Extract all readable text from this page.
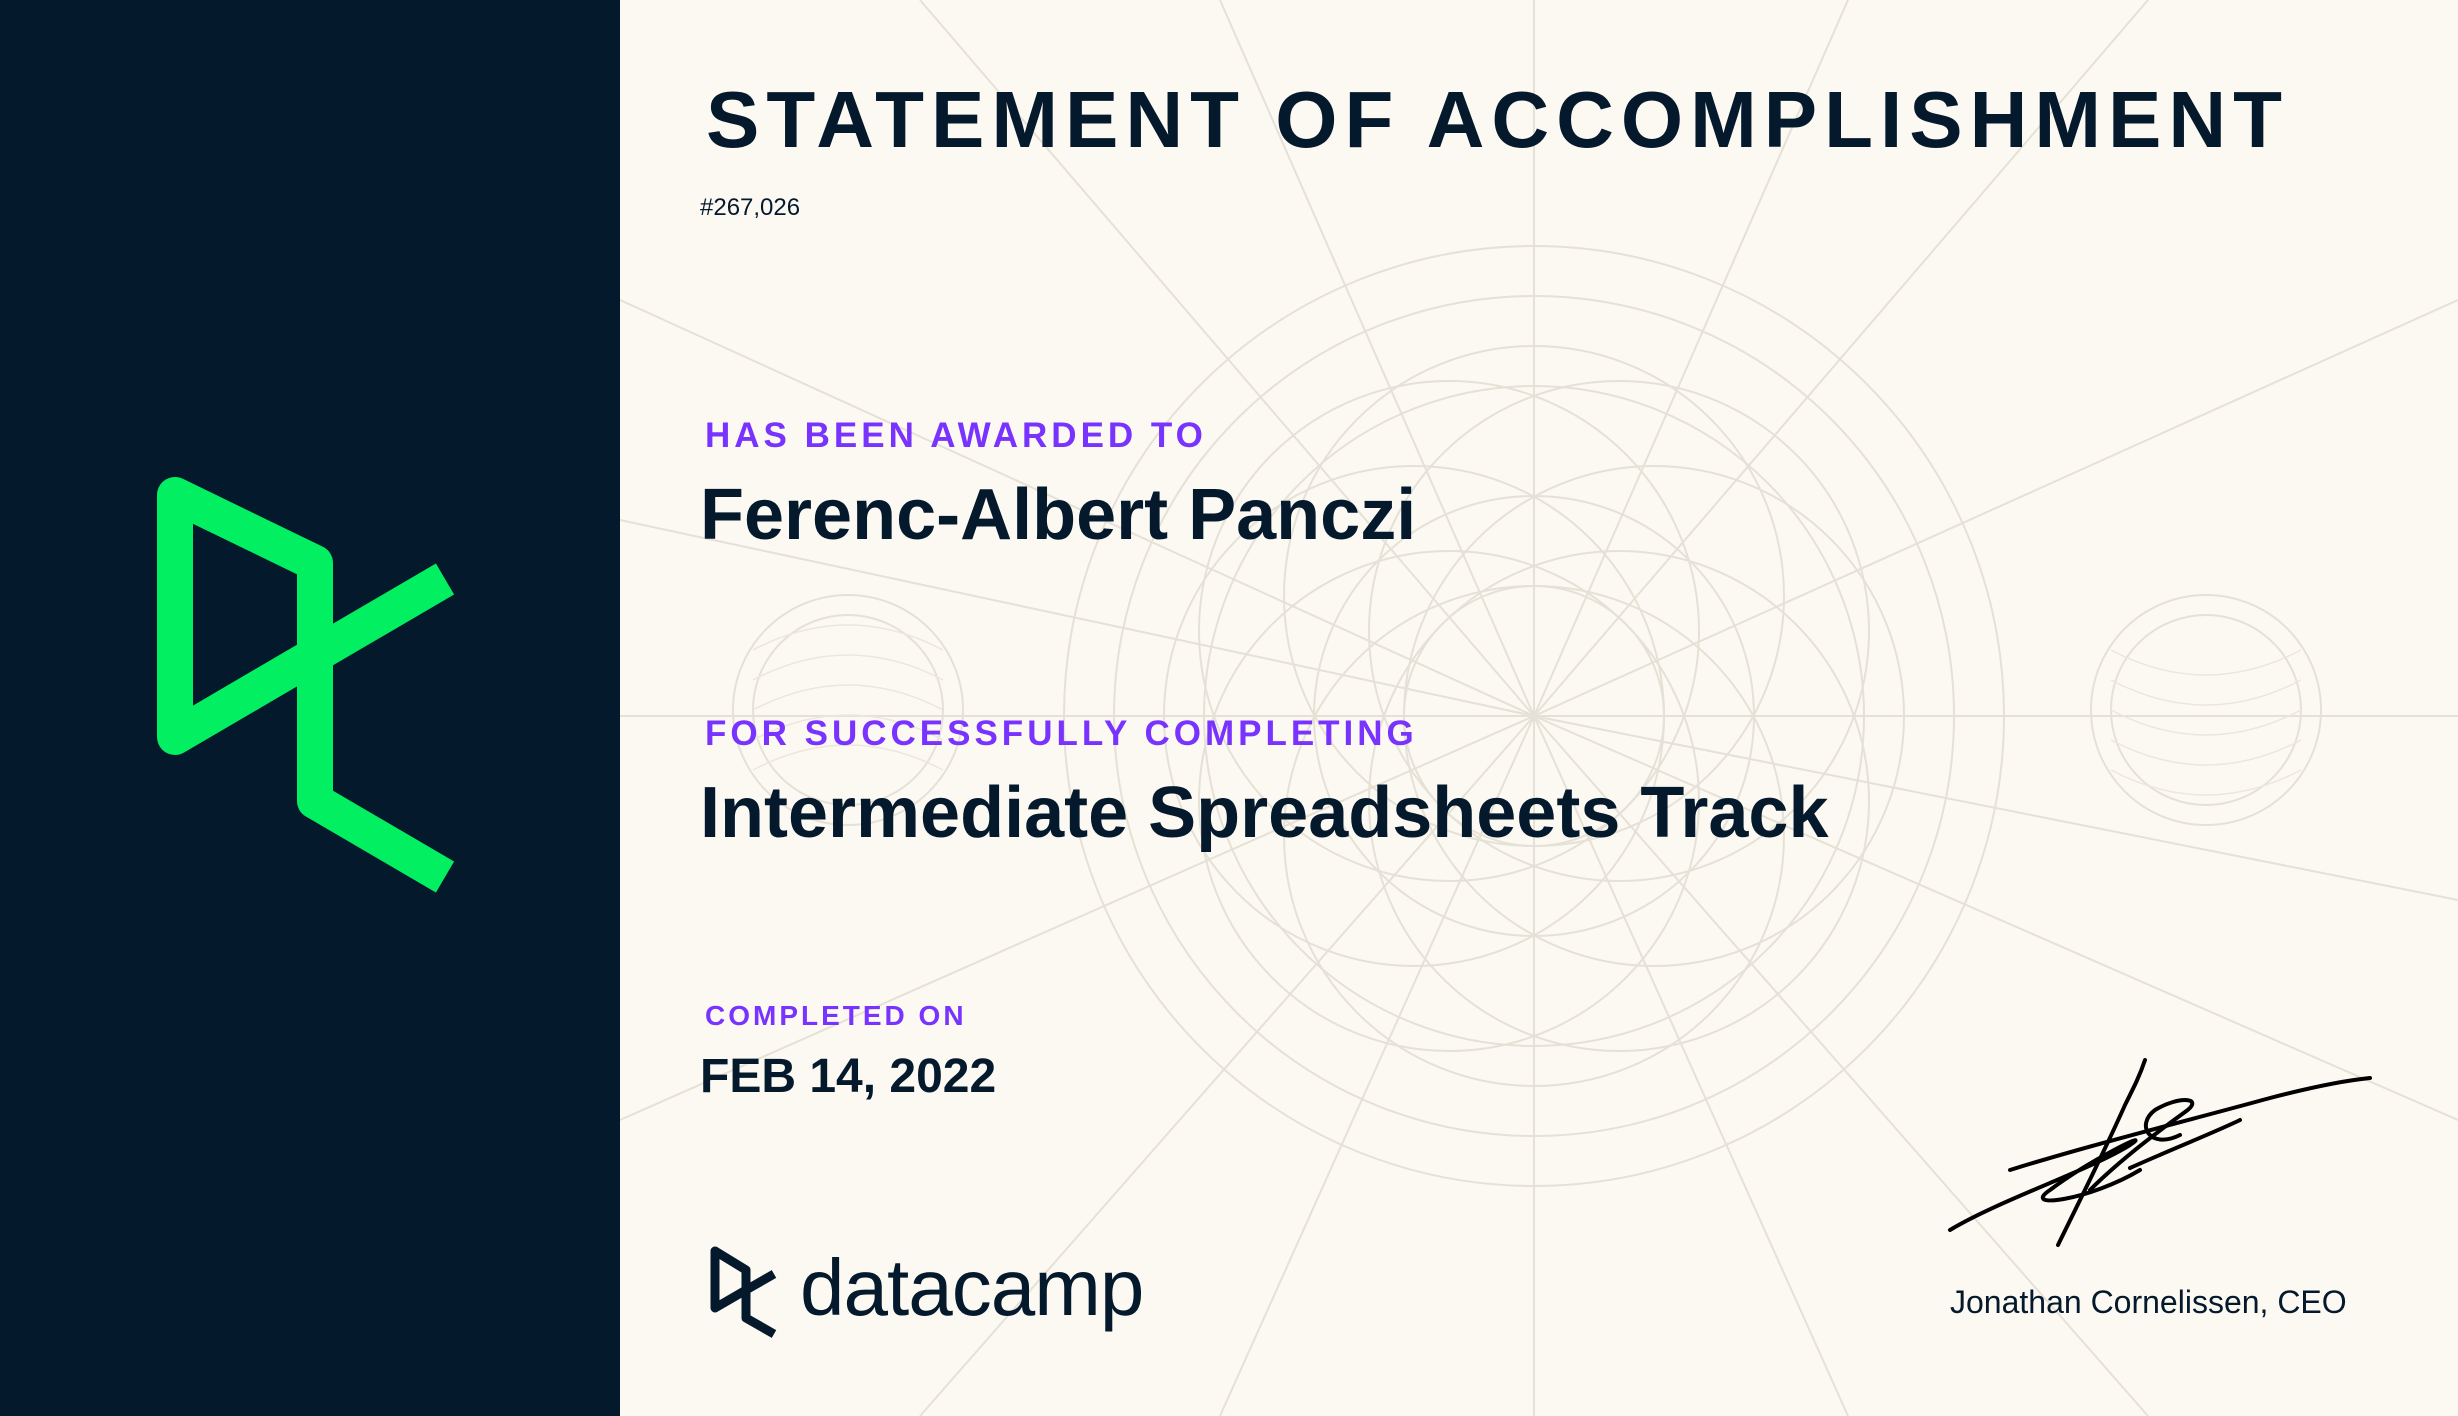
STATEMENT OF ACCOMPLISHMENT
#267,026
HAS BEEN AWARDED TO
Ferenc-Albert Panczi
FOR SUCCESSFULLY COMPLETING
Intermediate Spreadsheets Track
COMPLETED ON
FEB 14, 2022
datacamp	Jonathan Cornelissen, CEO
